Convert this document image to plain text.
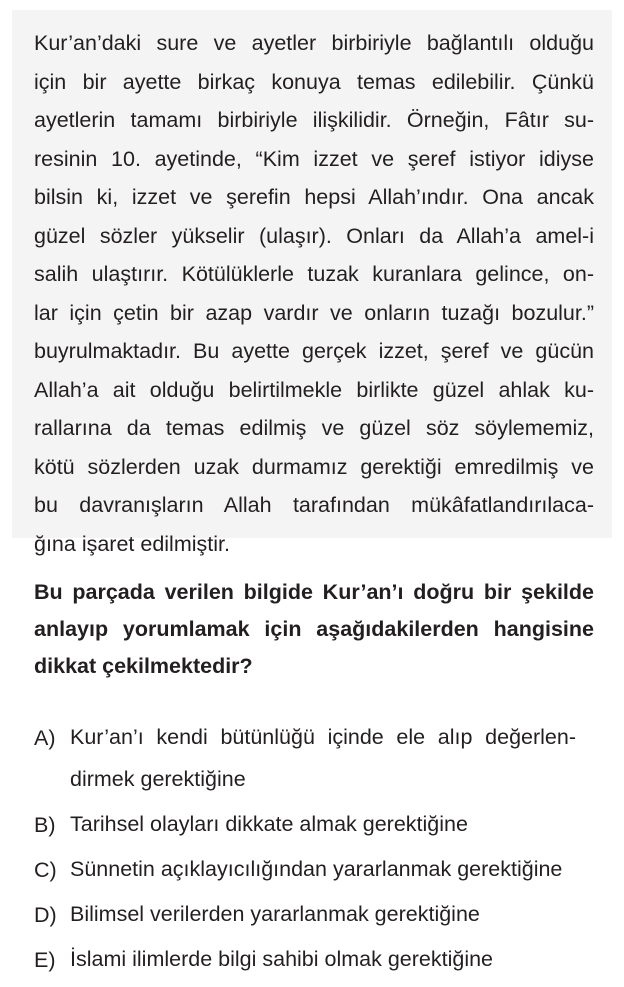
Kur’an’daki sure ve ayetler birbiriyle bağlantılı olduğu
için bir ayette birkaç konuya temas edilebilir. Çünkü
ayetlerin tamamı birbiriyle ilişkilidir. Örneğin, Fâtır su-
resinin 10. ayetinde, “Kim izzet ve şeref istiyor idiyse
bilsin ki, izzet ve şerefin hepsi Allah’ındır. Ona ancak
güzel sözler yükselir (ulaşır). Onları da Allah’a amel-i
salih ulaştırır. Kötülüklerle tuzak kuranlara gelince, on-
lar için çetin bir azap vardır ve onların tuzağı bozulur.”
buyrulmaktadır. Bu ayette gerçek izzet, şeref ve gücün
Allah’a ait olduğu belirtilmekle birlikte güzel ahlak ku-
rallarına da temas edilmiş ve güzel söz söylememiz,
kötü sözlerden uzak durmamız gerektiği emredilmiş ve
bu davranışların Allah tarafından mükâfatlandırılaca-
ğına işaret edilmiştir.
Bu parçada verilen bilgide Kur’an’ı doğru bir şekilde
anlayıp yorumlamak için aşağıdakilerden hangisine
dikkat çekilmektedir?
A) Kur’an’ı kendi bütünlüğü içinde ele alıp değerlen-
dirmek gerektiğine
B) Tarihsel olayları dikkate almak gerektiğine
C) Sünnetin açıklayıcılığından yararlanmak gerektiğine
D) Bilimsel verilerden yararlanmak gerektiğine
E) İslami ilimlerde bilgi sahibi olmak gerektiğine
